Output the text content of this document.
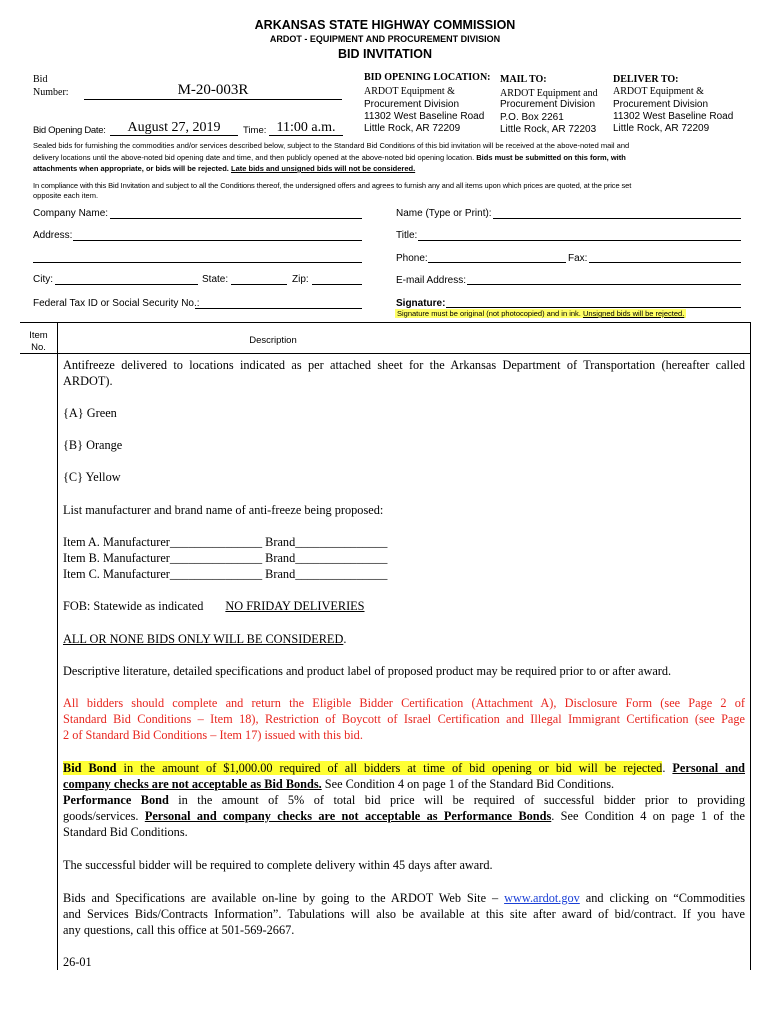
ARKANSAS STATE HIGHWAY COMMISSION
ARDOT - EQUIPMENT AND PROCUREMENT DIVISION
BID INVITATION
Bid
Number:	M-20-003R
Bid Opening Date:	August 27, 2019	Time: 11:00 a.m.
BID OPENING LOCATION:
ARDOT Equipment &
Procurement Division
11302 West Baseline Road
Little Rock, AR 72209
MAIL TO:
ARDOT Equipment and
Procurement Division
P.O. Box 2261
Little Rock, AR 72203
DELIVER TO:
ARDOT Equipment &
Procurement Division
11302 West Baseline Road
Little Rock, AR 72209
Sealed bids for furnishing the commodities and/or services described below, subject to the Standard Bid Conditions of this bid invitation will be received at the above-noted mail and
delivery locations until the above-noted bid opening date and time, and then publicly opened at the above-noted bid opening location. Bids must be submitted on this form, with
attachments when appropriate, or bids will be rejected. Late bids and unsigned bids will not be considered.
In compliance with this Bid Invitation and subject to all the Conditions thereof, the undersigned offers and agrees to furnish any and all items upon which prices are quoted, at the price set
opposite each item.
Company Name:
Address:
City:	State:	Zip:
Federal Tax ID or Social Security No.:
Name (Type or Print):
Title:
Phone:	Fax:
E-mail Address:
Signature:
Signature must be original (not photocopied) and in ink. Unsigned bids will be rejected.
Item
No.
Description
Antifreeze delivered to locations indicated as per attached sheet for the Arkansas Department of Transportation (hereafter called
ARDOT).
{A} Green
{B} Orange
{C} Yellow
List manufacturer and brand name of anti-freeze being proposed:
Item A. Manufacturer_______________ Brand_______________
Item B. Manufacturer_______________ Brand_______________
Item C. Manufacturer_______________ Brand_______________
FOB: Statewide as indicated NO FRIDAY DELIVERIES
ALL OR NONE BIDS ONLY WILL BE CONSIDERED.
Descriptive literature, detailed specifications and product label of proposed product may be required prior to or after award.
All bidders should complete and return the Eligible Bidder Certification (Attachment A), Disclosure Form (see Page 2 of
Standard Bid Conditions – Item 18), Restriction of Boycott of Israel Certification and Illegal Immigrant Certification (see Page
2 of Standard Bid Conditions – Item 17) issued with this bid.
Bid Bond in the amount of $1,000.00 required of all bidders at time of bid opening or bid will be rejected. Personal and
company checks are not acceptable as Bid Bonds. See Condition 4 on page 1 of the Standard Bid Conditions.
Performance Bond in the amount of 5% of total bid price will be required of successful bidder prior to providing
goods/services. Personal and company checks are not acceptable as Performance Bonds. See Condition 4 on page 1 of the
Standard Bid Conditions.
The successful bidder will be required to complete delivery within 45 days after award.
Bids and Specifications are available on-line by going to the ARDOT Web Site – www.ardot.gov and clicking on “Commodities
and Services Bids/Contracts Information”. Tabulations will also be available at this site after award of bid/contract. If you have
any questions, call this office at 501-569-2667.
26-01
